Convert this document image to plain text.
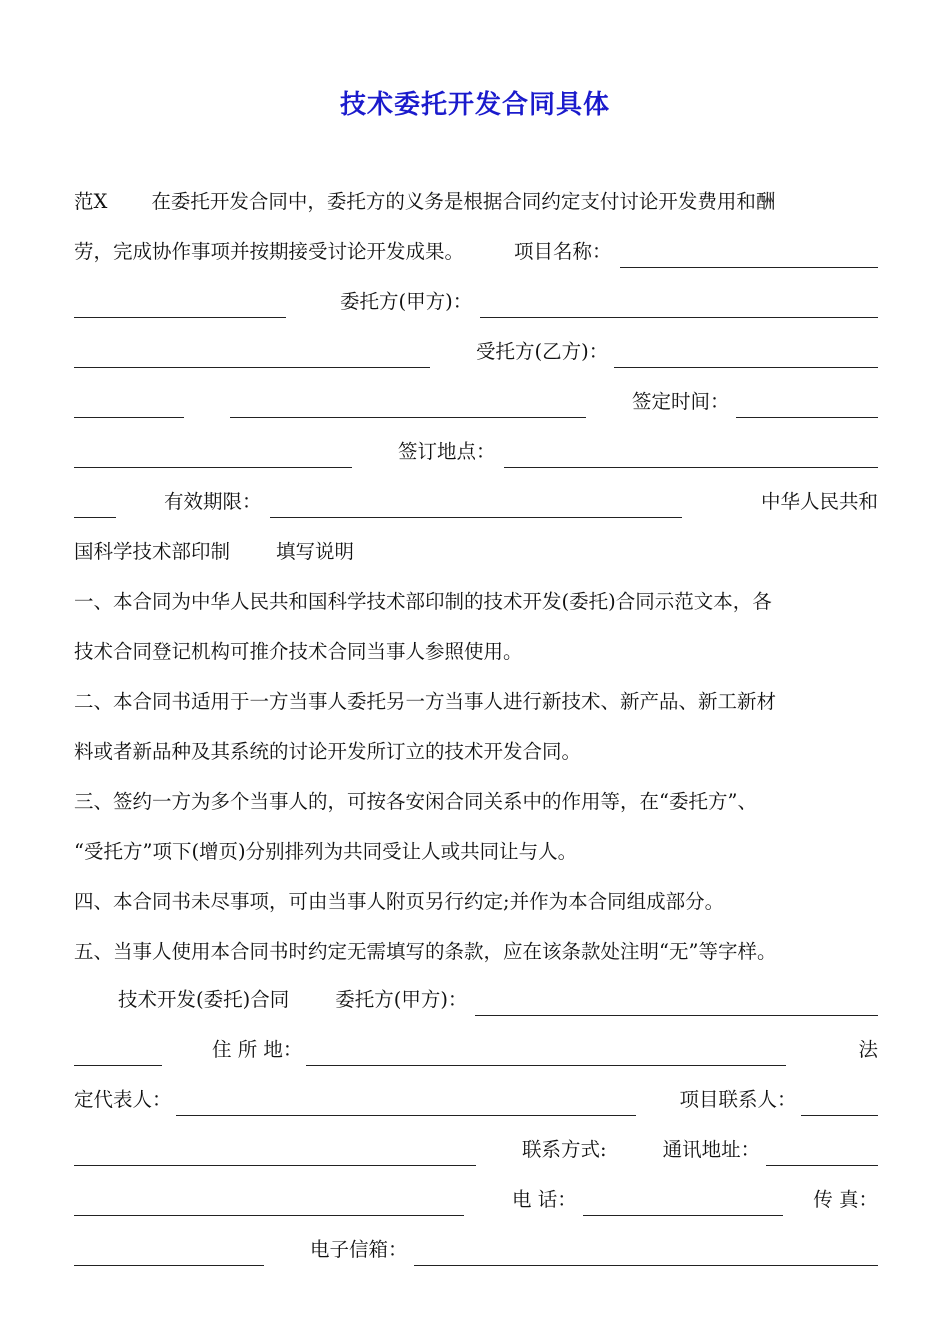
技术委托开发合同具体
范X 在委托开发合同中，委托方的义务是根据合同约定支付讨论开发费用和酬
劳，完成协作事项并按期接受讨论开发成果。	项目名称：
委托方(甲方)：
受托方(乙方)：
签定时间：
签订地点：
有效期限：	中华人民共和
国科学技术部印制 填写说明
一、本合同为中华人民共和国科学技术部印制的技术开发(委托)合同示范文本，各
技术合同登记机构可推介技术合同当事人参照使用。
二、本合同书适用于一方当事人委托另一方当事人进行新技术、新产品、新工新材
料或者新品种及其系统的讨论开发所订立的技术开发合同。
三、签约一方为多个当事人的，可按各安闲合同关系中的作用等，在“委托方”、
“受托方”项下(增页)分别排列为共同受让人或共同让与人。
四、本合同书未尽事项，可由当事人附页另行约定;并作为本合同组成部分。
五、当事人使用本合同书时约定无需填写的条款，应在该条款处注明“无”等字样。
技术开发(委托)合同 委托方(甲方)：
住 所 地：	法
定代表人：	项目联系人：
联系方式:	通讯地址：
电 话：	传 真：
电子信箱：
